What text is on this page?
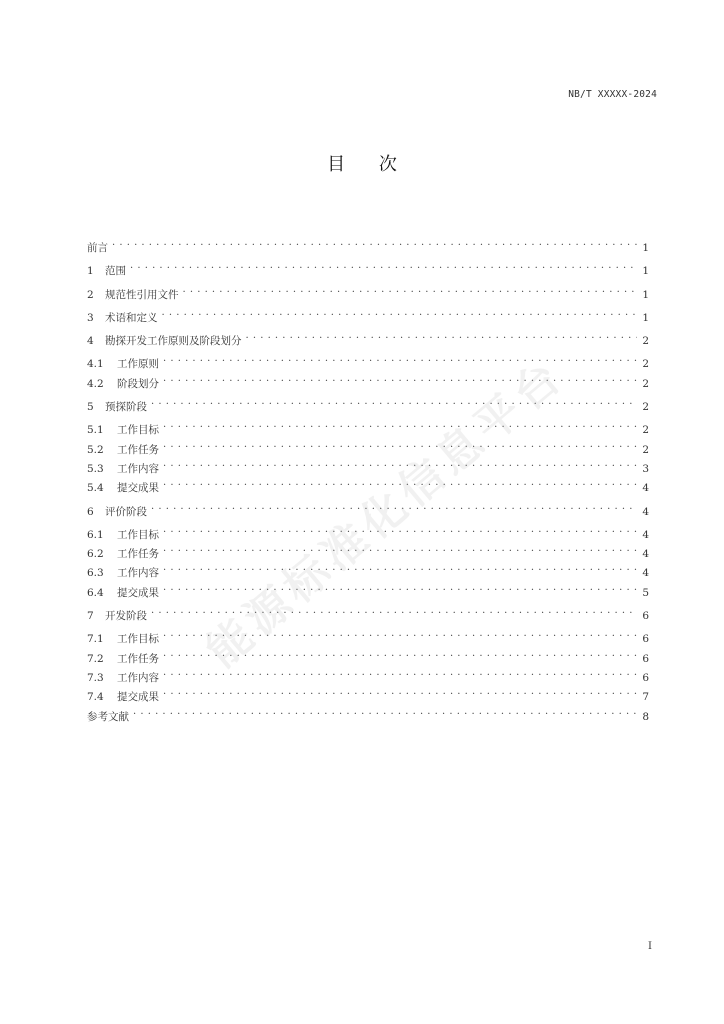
NB/T XXXXX-2024
目 次
前言 . . .	1
1 范围 . . .	1
2 规范性引用文件 . . .	1
3 术语和定义 . . .	1
4 勘探开发工作原则及阶段划分 . . .	2
4.1 工作原则 . . .	2
4.2 阶段划分 . . .	2
5 预探阶段 . . .	2
5.1 工作目标 . . .	2
5.2 工作任务 . . .	2
5.3 工作内容 . . .	3
5.4 提交成果 . . .	4
6 评价阶段 . . .	4
6.1 工作目标 . . .	4
6.2 工作任务 . . .	4
6.3 工作内容 . . .	4
6.4 提交成果 . . .	5
7 开发阶段 . . .	6
7.1 工作目标 . . .	6
7.2 工作任务 . . .	6
7.3 工作内容 . . .	6
7.4 提交成果 . . .	7
参考文献 . . .	8
能源标准化信息平台
I
